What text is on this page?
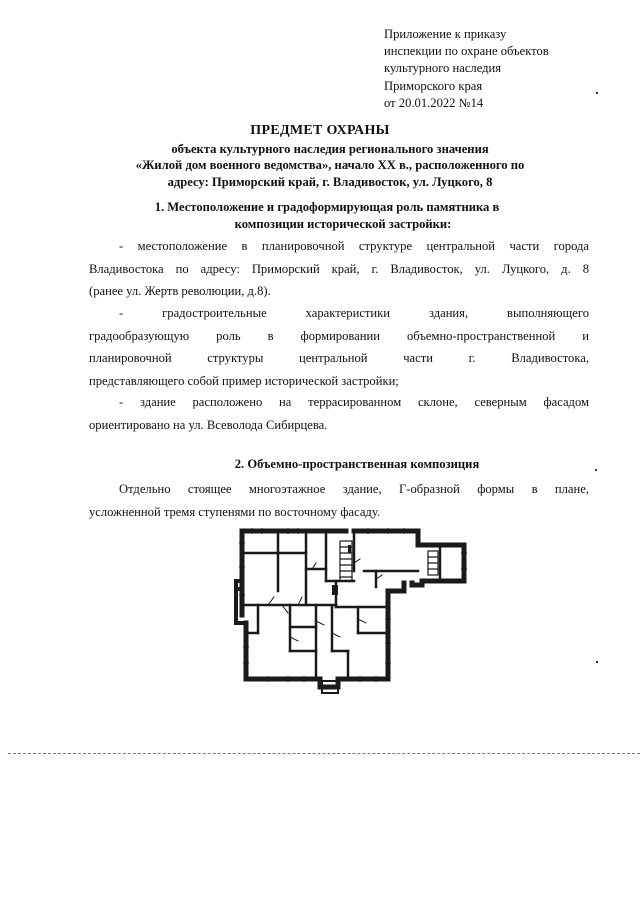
Приложение к приказу
инспекции по охране объектов
культурного наследия
Приморского края
от 20.01.2022 №14
ПРЕДМЕТ ОХРАНЫ
объекта культурного наследия регионального значения
«Жилой дом военного ведомства», начало XX в., расположенного по
адресу: Приморский край, г. Владивосток, ул. Луцкого, 8
1. Местоположение и градоформирующая роль памятника в
композиции исторической застройки:
- местоположение в планировочной структуре центральной части города
Владивостока по адресу: Приморский край, г. Владивосток, ул. Луцкого, д. 8
(ранее ул. Жертв революции, д.8).
-     градостроительные     характеристики     здания,     выполняющего
градообразующую  роль  в  формировании  объемно-пространственной  и
планировочной      структуры      центральной      части      г.      Владивостока,
представляющего собой пример исторической застройки;
- здание расположено на террасированном склоне, северным фасадом
ориентировано на ул. Всеволода Сибирцева.
2. Объемно-пространственная композиция
Отдельно стоящее многоэтажное здание, Г-образной формы в плане,
усложненной тремя ступенями по восточному фасаду.
